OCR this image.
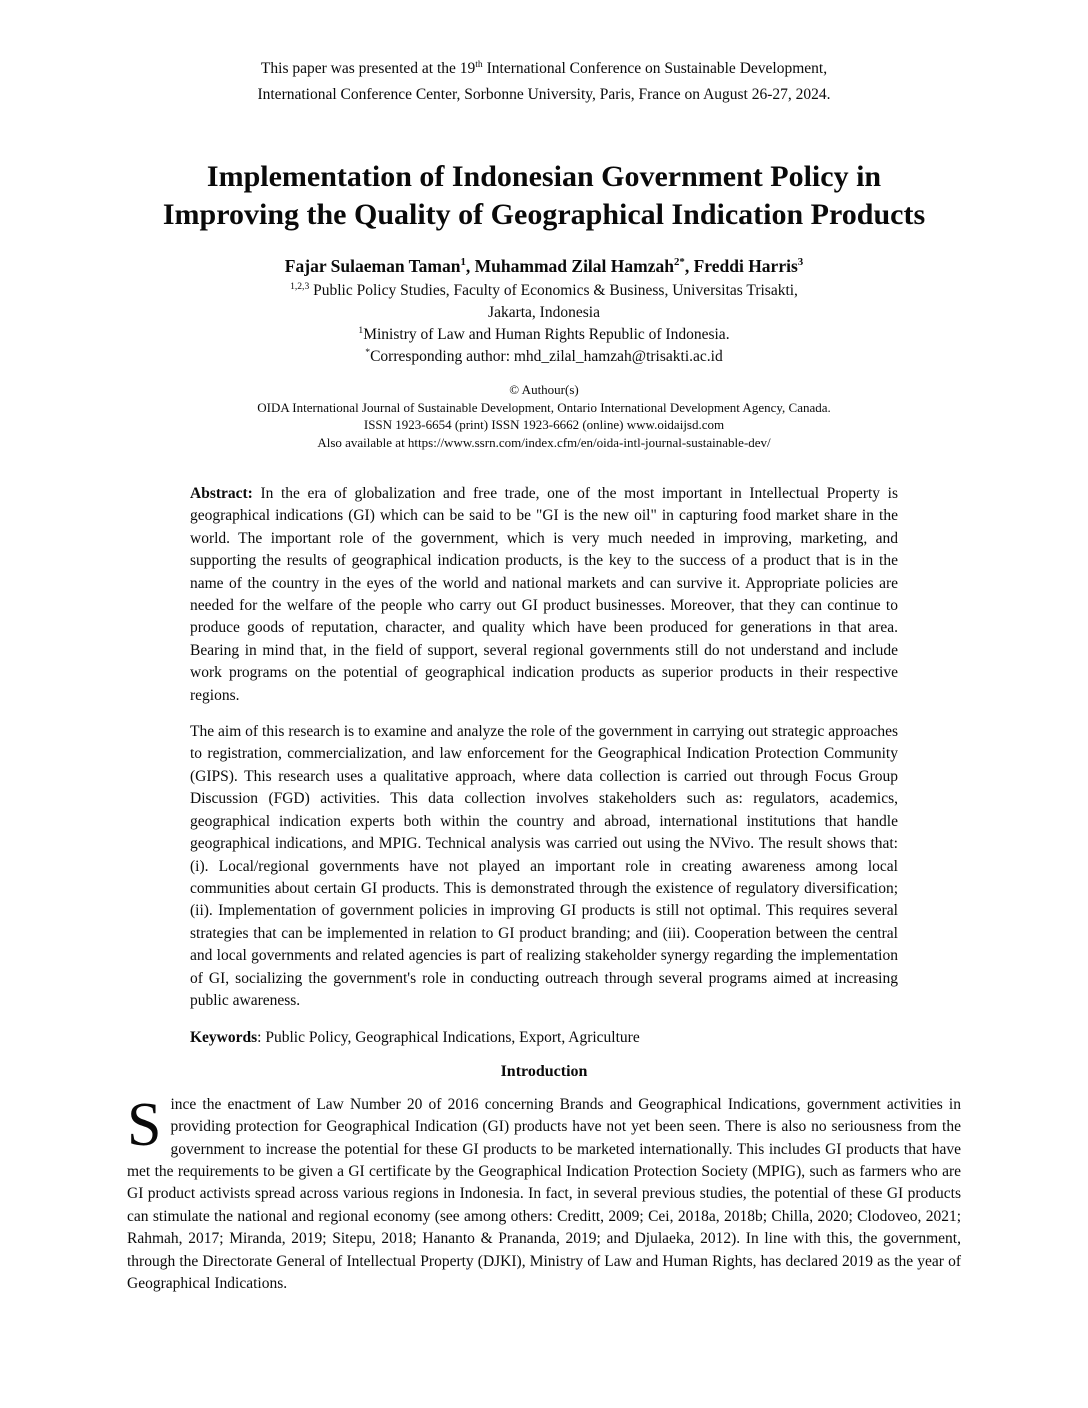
This paper was presented at the 19th International Conference on Sustainable Development,
International Conference Center, Sorbonne University, Paris, France on August 26-27, 2024.
Implementation of Indonesian Government Policy in
Improving the Quality of Geographical Indication Products
Fajar Sulaeman Taman$^1$, Muhammad Zilal Hamzah$^{2*}$, Freddi Harris$^3$
$^{1,2,3}$ Public Policy Studies, Faculty of Economics & Business, Universitas Trisakti,
Jakarta, Indonesia
$^1$Ministry of Law and Human Rights Republic of Indonesia.
*Corresponding author: mhd_zilal_hamzah@trisakti.ac.id
© Authour(s)
OIDA International Journal of Sustainable Development, Ontario International Development Agency, Canada.
ISSN 1923-6654 (print) ISSN 1923-6662 (online) www.oidaijsd.com
Also available at https://www.ssrn.com/index.cfm/en/oida-intl-journal-sustainable-dev/

Abstract: In the era of globalization and free trade, one of the most important in Intellectual Property is geographical indications (GI) which can be said to be "GI is the new oil" in capturing food market share in the world. The important role of the government, which is very much needed in improving, marketing, and supporting the results of geographical indication products, is the key to the success of a product that is in the name of the country in the eyes of the world and national markets and can survive it. Appropriate policies are needed for the welfare of the people who carry out GI product businesses. Moreover, that they can continue to produce goods of reputation, character, and quality which have been produced for generations in that area. Bearing in mind that, in the field of support, several regional governments still do not understand and include work programs on the potential of geographical indication products as superior products in their respective regions.

The aim of this research is to examine and analyze the role of the government in carrying out strategic approaches to registration, commercialization, and law enforcement for the Geographical Indication Protection Community (GIPS). This research uses a qualitative approach, where data collection is carried out through Focus Group Discussion (FGD) activities. This data collection involves stakeholders such as: regulators, academics, geographical indication experts both within the country and abroad, international institutions that handle geographical indications, and MPIG. Technical analysis was carried out using the NVivo. The result shows that: (i). Local/regional governments have not played an important role in creating awareness among local communities about certain GI products. This is demonstrated through the existence of regulatory diversification; (ii). Implementation of government policies in improving GI products is still not optimal. This requires several strategies that can be implemented in relation to GI product branding; and (iii). Cooperation between the central and local governments and related agencies is part of realizing stakeholder synergy regarding the implementation of GI, socializing the government's role in conducting outreach through several programs aimed at increasing public awareness.

Keywords: Public Policy, Geographical Indications, Export, Agriculture
Introduction
Since the enactment of Law Number 20 of 2016 concerning Brands and Geographical Indications, government activities in providing protection for Geographical Indication (GI) products have not yet been seen. There is also no seriousness from the government to increase the potential for these GI products to be marketed internationally. This includes GI products that have met the requirements to be given a GI certificate by the Geographical Indication Protection Society (MPIG), such as farmers who are GI product activists spread across various regions in Indonesia. In fact, in several previous studies, the potential of these GI products can stimulate the national and regional economy (see among others: Creditt, 2009; Cei, 2018a, 2018b; Chilla, 2020; Clodoveo, 2021; Rahmah, 2017; Miranda, 2019; Sitepu, 2018; Hananto & Prananda, 2019; and Djulaeka, 2012). In line with this, the government, through the Directorate General of Intellectual Property (DJKI), Ministry of Law and Human Rights, has declared 2019 as the year of Geographical Indications.
